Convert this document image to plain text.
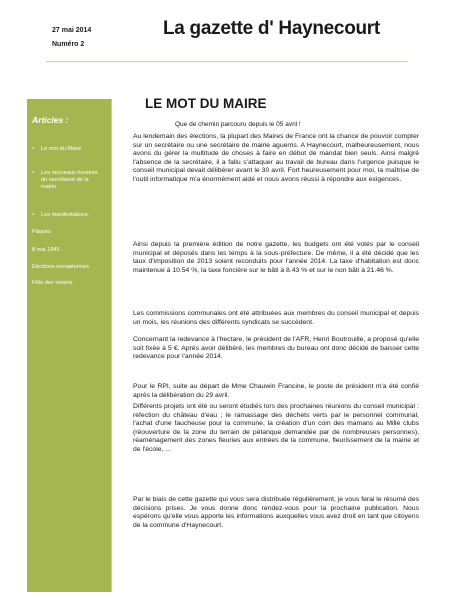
27 mai 2014
Numéro 2
La gazette d' Haynecourt
Articles :
• Le mot du Maire
• Les nouveaux horaires
du secrétariat de la
mairie
• Les manifestations :
Pâques
8 mai 1945
Elections européennes
Fête des voisins
LE MOT DU MAIRE
Que de chemin parcouru depuis le 05 avril !

Au lendemain des élections, la plupart des Maires de France ont la chance de pouvoir compter sur un secrétaire ou une secrétaire de mairie aguerris. A Haynecourt, malheureusement, nous avons du gérer la multitude de choses à faire en début de mandat bien seuls. Ainsi malgré l'absence de la secrétaire, il a fallu s'attaquer au travail de bureau dans l'urgence puisque le conseil municipal devait délibérer avant le 30 avril. Fort heureusement pour moi, la maîtrise de l'outil informatique m'a énormément aidé et nous avons réussi à répondre aux exigences.

Ainsi depuis la première édition de notre gazette, les budgets ont été votés par le conseil municipal et déposés dans les temps à la sous-préfecture. De même, il a été décidé que les taux d'imposition de 2013 soient reconduits pour l'année 2014. La taxe d'habitation est donc maintenue à 10.54 %, la taxe foncière sur le bâti à 8.43 % et sur le non bâti à 21.46 %.

Les commissions communales ont été attribuées aux membres du conseil municipal et depuis un mois, les réunions des différents syndicats se succèdent.

Concernant la redevance à l'hectare, le président de l'AFR, Henri Boutrouille, a proposé qu'elle soit fixée à 5 €. Après avoir délibéré, les membres du bureau ont donc décidé de baisser cette redevance pour l'année 2014.

Pour le RPI, suite au départ de Mme Chauwin Francine, le poste de président m'a été confié après la délibération du 29 avril.

Différents projets ont été ou seront étudiés lors des prochaines réunions du conseil municipal : réfection du château d'eau ; le ramassage des déchets verts par le personnel communal, l'achat d'une faucheuse pour la commune, la création d'un coin des mamans au Mille clubs (réouverture de la zone du terrain de pétanque demandée par de nombreuses personnes), réaménagement des zones fleuries aux entrées de la commune, fleurissement de la mairie et de l'école, ...

Par le biais de cette gazette qui vous sera distribuée régulièrement, je vous ferai le résumé des décisions prises. Je vous donne donc rendez-vous pour la prochaine publication. Nous espérons qu'elle vous apporte les informations auxquelles vous avez droit en tant que citoyens de la commune d'Haynecourt.
